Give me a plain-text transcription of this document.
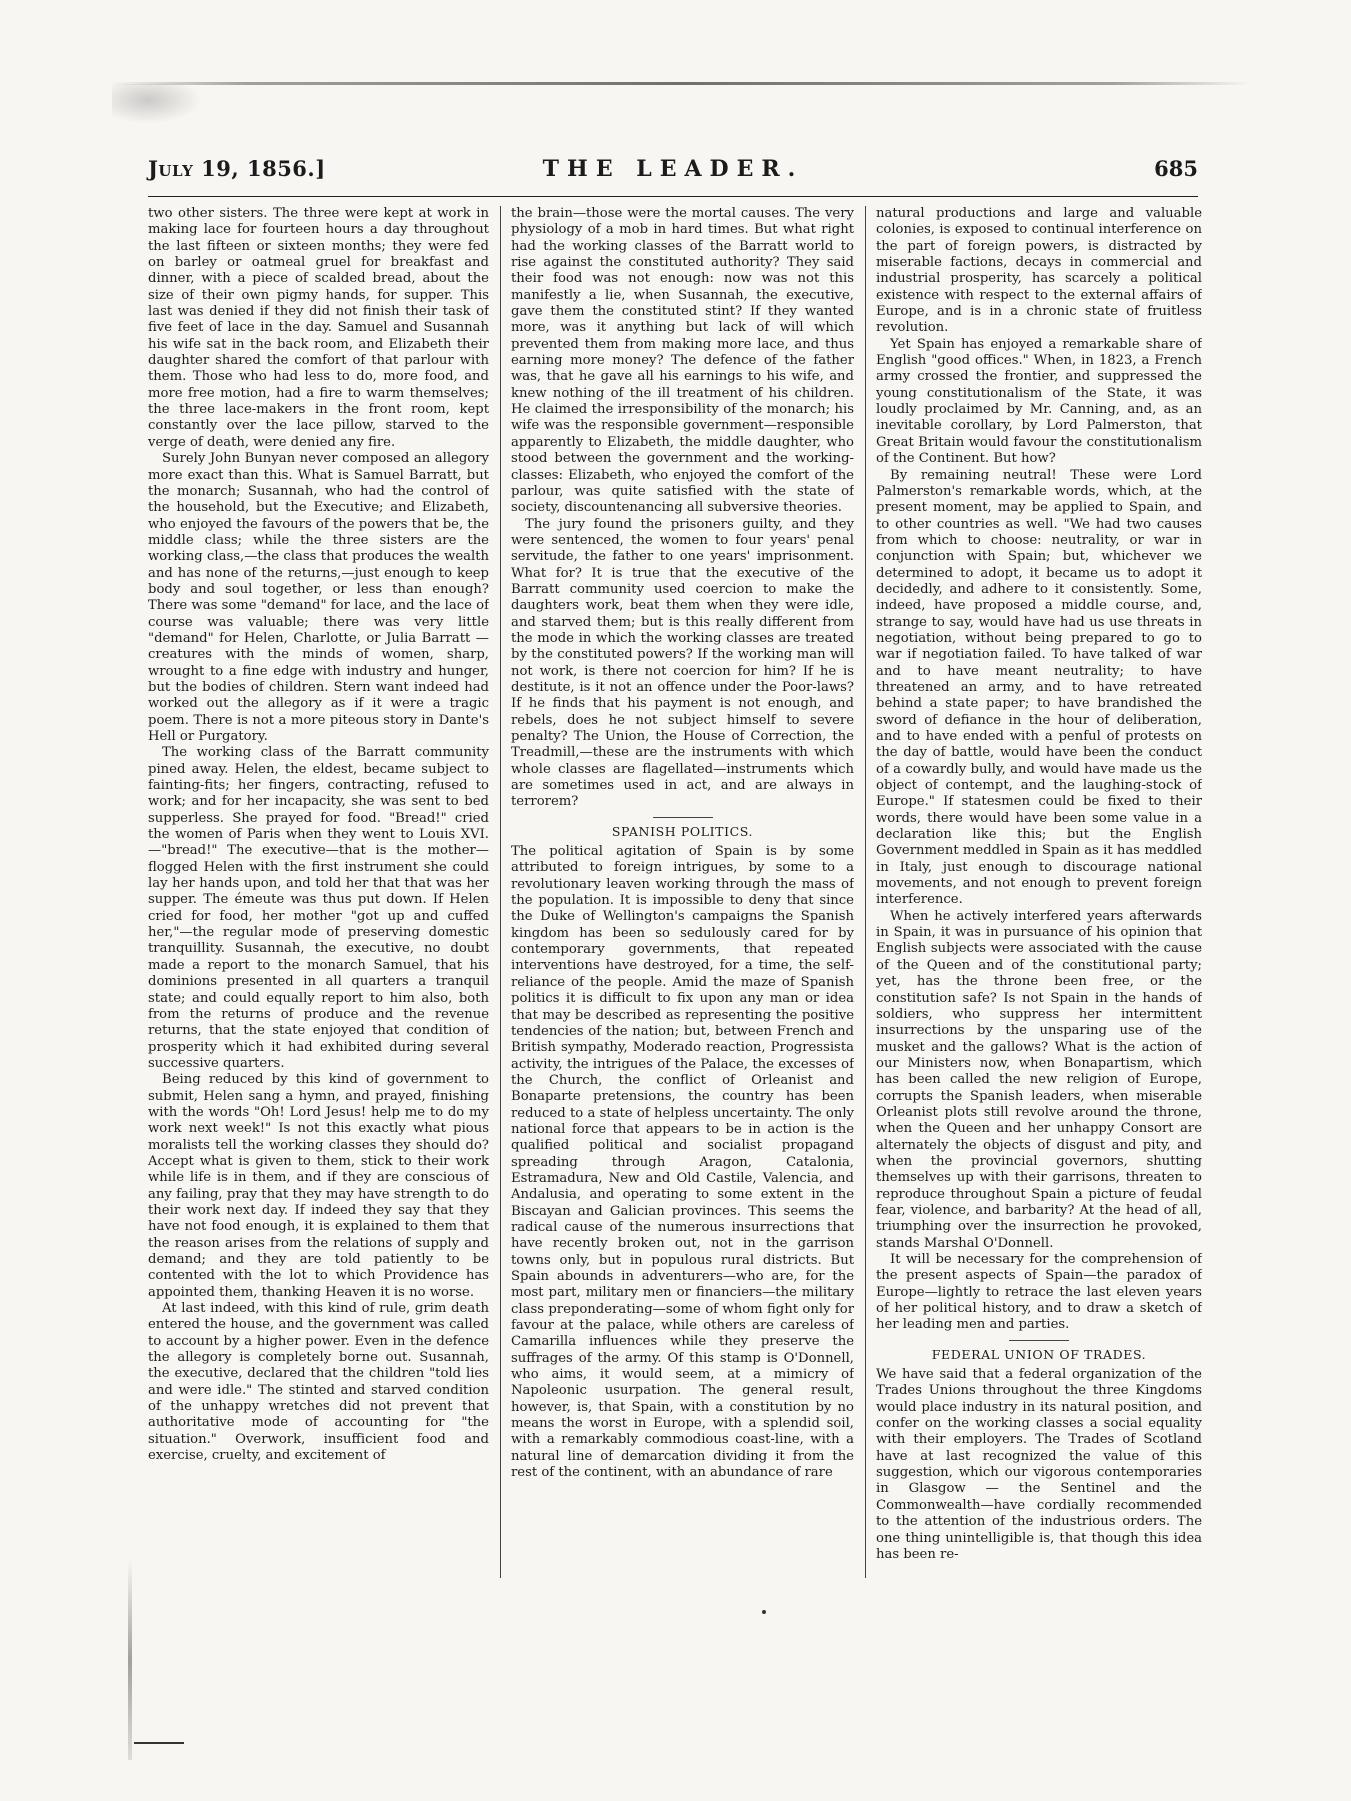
July 19, 1856.]	THE LEADER.	685

two other sisters. The three were kept at work in making lace for fourteen hours a day throughout the last fifteen or sixteen months; they were fed on barley or oatmeal gruel for breakfast and dinner, with a piece of scalded bread, about the size of their own pigmy hands, for supper. This last was denied if they did not finish their task of five feet of lace in the day. Samuel and Susannah his wife sat in the back room, and Elizabeth their daughter shared the comfort of that parlour with them. Those who had less to do, more food, and more free motion, had a fire to warm themselves; the three lace-makers in the front room, kept constantly over the lace pillow, starved to the verge of death, were denied any fire.

Surely John Bunyan never composed an allegory more exact than this. What is Samuel Barratt, but the monarch; Susannah, who had the control of the household, but the Executive; and Elizabeth, who enjoyed the favours of the powers that be, the middle class; while the three sisters are the working class,—the class that produces the wealth and has none of the returns,—just enough to keep body and soul together, or less than enough? There was some "demand" for lace, and the lace of course was valuable; there was very little "demand" for Helen, Charlotte, or Julia Barratt —creatures with the minds of women, sharp, wrought to a fine edge with industry and hunger, but the bodies of children. Stern want indeed had worked out the allegory as if it were a tragic poem. There is not a more piteous story in Dante's Hell or Purgatory.

The working class of the Barratt community pined away. Helen, the eldest, became subject to fainting-fits; her fingers, contracting, refused to work; and for her incapacity, she was sent to bed supperless. She prayed for food. "Bread!" cried the women of Paris when they went to Louis XVI.—"bread!" The executive—that is the mother—flogged Helen with the first instrument she could lay her hands upon, and told her that that was her supper. The émeute was thus put down. If Helen cried for food, her mother "got up and cuffed her,"—the regular mode of preserving domestic tranquillity. Susannah, the executive, no doubt made a report to the monarch Samuel, that his dominions presented in all quarters a tranquil state; and could equally report to him also, both from the returns of produce and the revenue returns, that the state enjoyed that condition of prosperity which it had exhibited during several successive quarters.

Being reduced by this kind of government to submit, Helen sang a hymn, and prayed, finishing with the words "Oh! Lord Jesus! help me to do my work next week!" Is not this exactly what pious moralists tell the working classes they should do? Accept what is given to them, stick to their work while life is in them, and if they are conscious of any failing, pray that they may have strength to do their work next day. If indeed they say that they have not food enough, it is explained to them that the reason arises from the relations of supply and demand; and they are told patiently to be contented with the lot to which Providence has appointed them, thanking Heaven it is no worse.

At last indeed, with this kind of rule, grim death entered the house, and the government was called to account by a higher power. Even in the defence the allegory is completely borne out. Susannah, the executive, declared that the children "told lies and were idle." The stinted and starved condition of the unhappy wretches did not prevent that authoritative mode of accounting for "the situation." Overwork, insufficient food and exercise, cruelty, and excitement of

the brain—those were the mortal causes. The very physiology of a mob in hard times. But what right had the working classes of the Barratt world to rise against the constituted authority? They said their food was not enough: now was not this manifestly a lie, when Susannah, the executive, gave them the constituted stint? If they wanted more, was it anything but lack of will which prevented them from making more lace, and thus earning more money? The defence of the father was, that he gave all his earnings to his wife, and knew nothing of the ill treatment of his children. He claimed the irresponsibility of the monarch; his wife was the responsible government—responsible apparently to Elizabeth, the middle daughter, who stood between the government and the working-classes: Elizabeth, who enjoyed the comfort of the parlour, was quite satisfied with the state of society, discountenancing all subversive theories.

The jury found the prisoners guilty, and they were sentenced, the women to four years' penal servitude, the father to one years' imprisonment. What for? It is true that the executive of the Barratt community used coercion to make the daughters work, beat them when they were idle, and starved them; but is this really different from the mode in which the working classes are treated by the constituted powers? If the working man will not work, is there not coercion for him? If he is destitute, is it not an offence under the Poor-laws? If he finds that his payment is not enough, and rebels, does he not subject himself to severe penalty? The Union, the House of Correction, the Treadmill,—these are the instruments with which whole classes are flagellated—instruments which are sometimes used in act, and are always in terrorem?

SPANISH POLITICS.

The political agitation of Spain is by some attributed to foreign intrigues, by some to a revolutionary leaven working through the mass of the population. It is impossible to deny that since the Duke of Wellington's campaigns the Spanish kingdom has been so sedulously cared for by contemporary governments, that repeated interventions have destroyed, for a time, the self-reliance of the people. Amid the maze of Spanish politics it is difficult to fix upon any man or idea that may be described as representing the positive tendencies of the nation; but, between French and British sympathy, Moderado reaction, Progressista activity, the intrigues of the Palace, the excesses of the Church, the conflict of Orleanist and Bonaparte pretensions, the country has been reduced to a state of helpless uncertainty. The only national force that appears to be in action is the qualified political and socialist propagand spreading through Aragon, Catalonia, Estramadura, New and Old Castile, Valencia, and Andalusia, and operating to some extent in the Biscayan and Galician provinces. This seems the radical cause of the numerous insurrections that have recently broken out, not in the garrison towns only, but in populous rural districts. But Spain abounds in adventurers—who are, for the most part, military men or financiers—the military class preponderating—some of whom fight only for favour at the palace, while others are careless of Camarilla influences while they preserve the suffrages of the army. Of this stamp is O'Donnell, who aims, it would seem, at a mimicry of Napoleonic usurpation. The general result, however, is, that Spain, with a constitution by no means the worst in Europe, with a splendid soil, with a remarkably commodious coast-line, with a natural line of demarcation dividing it from the rest of the continent, with an abundance of rare

natural productions and large and valuable colonies, is exposed to continual interference on the part of foreign powers, is distracted by miserable factions, decays in commercial and industrial prosperity, has scarcely a political existence with respect to the external affairs of Europe, and is in a chronic state of fruitless revolution.

Yet Spain has enjoyed a remarkable share of English "good offices." When, in 1823, a French army crossed the frontier, and suppressed the young constitutionalism of the State, it was loudly proclaimed by Mr. Canning, and, as an inevitable corollary, by Lord Palmerston, that Great Britain would favour the constitutionalism of the Continent. But how?

By remaining neutral! These were Lord Palmerston's remarkable words, which, at the present moment, may be applied to Spain, and to other countries as well. "We had two causes from which to choose: neutrality, or war in conjunction with Spain; but, whichever we determined to adopt, it became us to adopt it decidedly, and adhere to it consistently. Some, indeed, have proposed a middle course, and, strange to say, would have had us use threats in negotiation, without being prepared to go to war if negotiation failed. To have talked of war and to have meant neutrality; to have threatened an army, and to have retreated behind a state paper; to have brandished the sword of defiance in the hour of deliberation, and to have ended with a penful of protests on the day of battle, would have been the conduct of a cowardly bully, and would have made us the object of contempt, and the laughing-stock of Europe." If statesmen could be fixed to their words, there would have been some value in a declaration like this; but the English Government meddled in Spain as it has meddled in Italy, just enough to discourage national movements, and not enough to prevent foreign interference.

When he actively interfered years afterwards in Spain, it was in pursuance of his opinion that English subjects were associated with the cause of the Queen and of the constitutional party; yet, has the throne been free, or the constitution safe? Is not Spain in the hands of soldiers, who suppress her intermittent insurrections by the unsparing use of the musket and the gallows? What is the action of our Ministers now, when Bonapartism, which has been called the new religion of Europe, corrupts the Spanish leaders, when miserable Orleanist plots still revolve around the throne, when the Queen and her unhappy Consort are alternately the objects of disgust and pity, and when the provincial governors, shutting themselves up with their garrisons, threaten to reproduce throughout Spain a picture of feudal fear, violence, and barbarity? At the head of all, triumphing over the insurrection he provoked, stands Marshal O'Donnell.

It will be necessary for the comprehension of the present aspects of Spain—the paradox of Europe—lightly to retrace the last eleven years of her political history, and to draw a sketch of her leading men and parties.

FEDERAL UNION OF TRADES.

We have said that a federal organization of the Trades Unions throughout the three Kingdoms would place industry in its natural position, and confer on the working classes a social equality with their employers. The Trades of Scotland have at last recognized the value of this suggestion, which our vigorous contemporaries in Glasgow — the Sentinel and the Commonwealth—have cordially recommended to the attention of the industrious orders. The one thing unintelligible is, that though this idea has been re-
